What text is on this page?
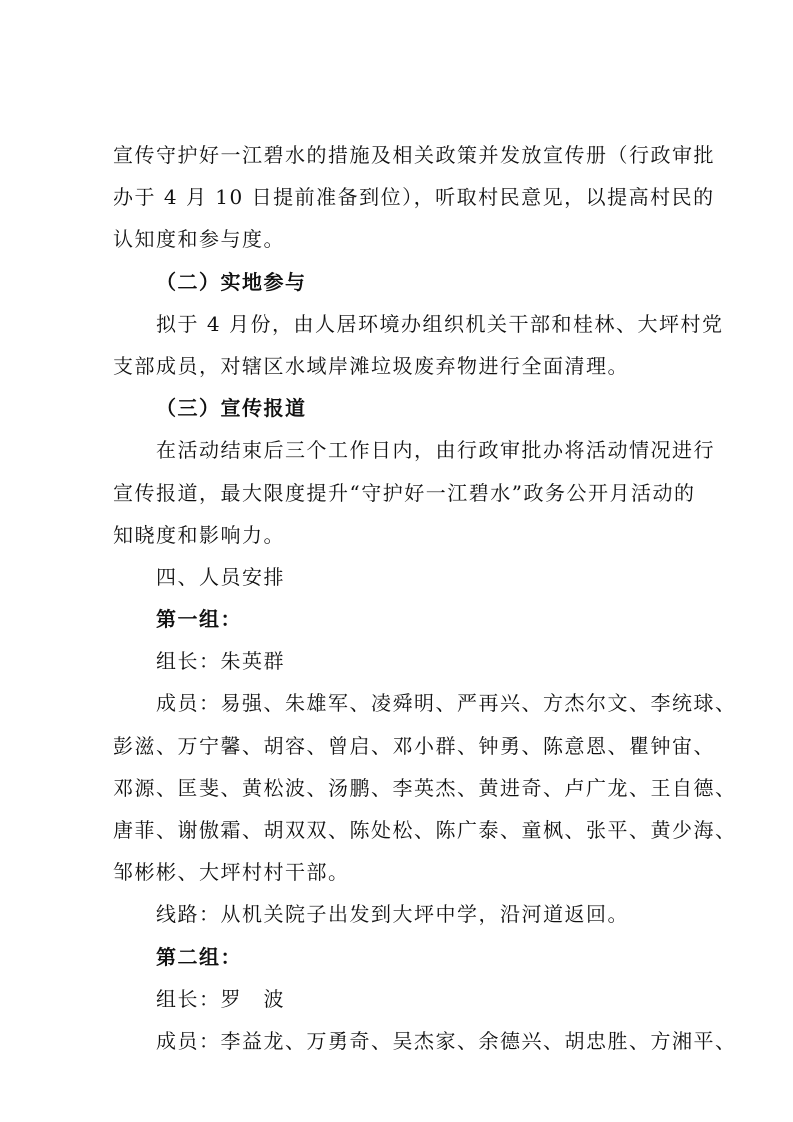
宣传守护好一江碧水的措施及相关政策并发放宣传册（行政审批
办于 4 月 10 日提前准备到位），听取村民意见，以提高村民的
认知度和参与度。
（二）实地参与
拟于 4 月份，由人居环境办组织机关干部和桂林、大坪村党
支部成员，对辖区水域岸滩垃圾废弃物进行全面清理。
（三）宣传报道
在活动结束后三个工作日内，由行政审批办将活动情况进行
宣传报道，最大限度提升“守护好一江碧水”政务公开月活动的
知晓度和影响力。
四、人员安排
第一组：
组长：朱英群
成员：易强、朱雄军、凌舜明、严再兴、方杰尔文、李统球、
彭滋、万宁馨、胡容、曾启、邓小群、钟勇、陈意恩、瞿钟宙、
邓源、匡斐、黄松波、汤鹏、李英杰、黄进奇、卢广龙、王自德、
唐菲、谢傲霜、胡双双、陈处松、陈广泰、童枫、张平、黄少海、
邹彬彬、大坪村村干部。
线路：从机关院子出发到大坪中学，沿河道返回。
第二组：
组长：罗　波
成员：李益龙、万勇奇、吴杰家、余德兴、胡忠胜、方湘平、
